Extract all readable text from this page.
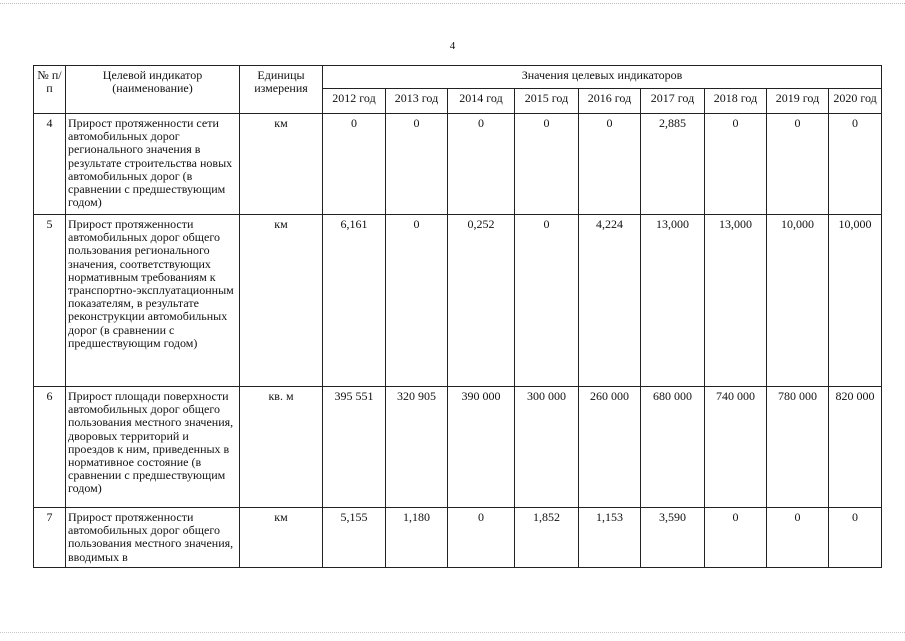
4
№ п/п	Целевой индикатор (наименование)	Единицы измерения	Значения целевых индикаторов								
			2012 год	2013 год	2014 год	2015 год	2016 год	2017 год	2018 год	2019 год	2020 год
4	Прирост протяженности сети автомобильных дорог регионального значения в результате строительства новых автомобильных дорог (в сравнении с предшествующим годом)	км	0	0	0	0	0	2,885	0	0	0
5	Прирост протяженности автомобильных дорог общего пользования регионального значения, соответствующих нормативным требованиям к транспортно-эксплуатационным показателям, в результате реконструкции автомобильных дорог (в сравнении с предшествующим годом)	км	6,161	0	0,252	0	4,224	13,000	13,000	10,000	10,000
6	Прирост площади поверхности автомобильных дорог общего пользования местного значения, дворовых территорий и проездов к ним, приведенных в нормативное состояние (в сравнении с предшествующим годом)	кв. м	395 551	320 905	390 000	300 000	260 000	680 000	740 000	780 000	820 000
7	Прирост протяженности автомобильных дорог общего пользования местного значения, вводимых в	км	5,155	1,180	0	1,852	1,153	3,590	0	0	0
